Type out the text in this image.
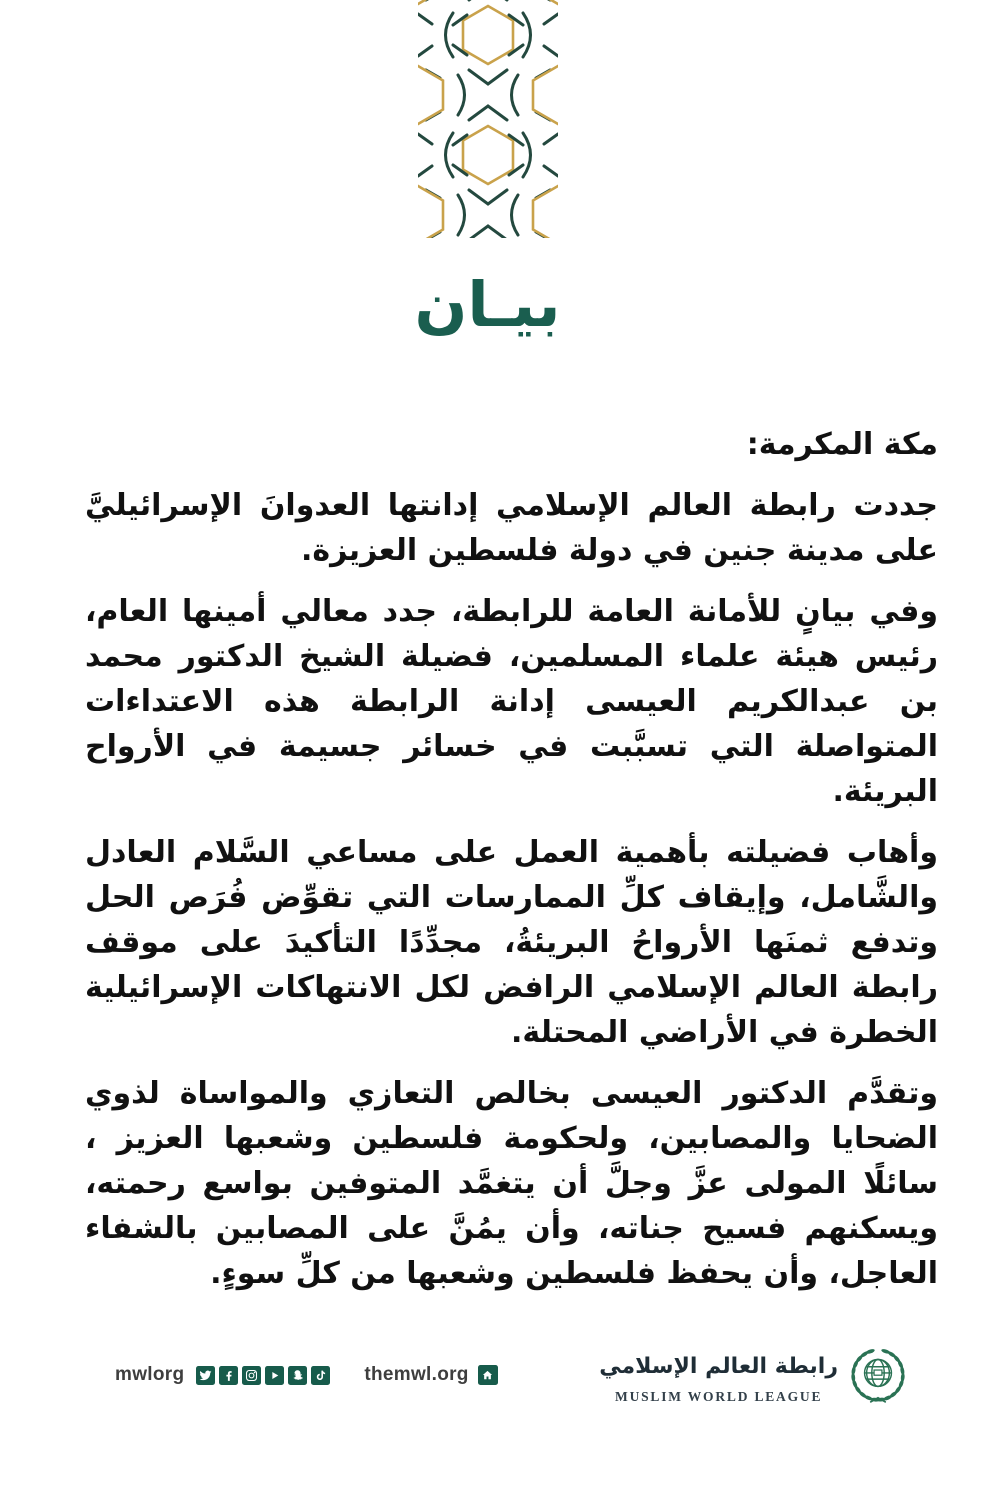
بيـان

مكة المكرمة:

جددت رابطة العالم الإسلامي إدانتها العدوانَ الإسرائيليَّ على مدينة جنين في دولة فلسطين العزيزة.

وفي بيانٍ للأمانة العامة للرابطة، جدد معالي أمينها العام، رئيس هيئة علماء المسلمين، فضيلة الشيخ الدكتور محمد بن عبدالكريم العيسى إدانة الرابطة هذه الاعتداءات المتواصلة التي تسبَّبت في خسائر جسيمة في الأرواح البريئة.

وأهاب فضيلته بأهمية العمل على مساعي السَّلام العادل والشَّامل، وإيقاف كلِّ الممارسات التي تقوِّض فُرَص الحل وتدفع ثمنَها الأرواحُ البريئةُ، مجدِّدًا التأكيدَ على موقف رابطة العالم الإسلامي الرافض لكل الانتهاكات الإسرائيلية الخطرة في الأراضي المحتلة.

وتقدَّم الدكتور العيسى بخالص التعازي والمواساة لذوي الضحايا والمصابين، ولحكومة فلسطين وشعبها العزيز ، سائلًا المولى عزَّ وجلَّ أن يتغمَّد المتوفين بواسع رحمته، ويسكنهم فسيح جناته، وأن يمُنَّ على المصابين بالشفاء العاجل، وأن يحفظ فلسطين وشعبها من كلِّ سوءٍ.

mwlorg	themwl.org	رابطة العالم الإسلامي
MUSLIM WORLD LEAGUE
